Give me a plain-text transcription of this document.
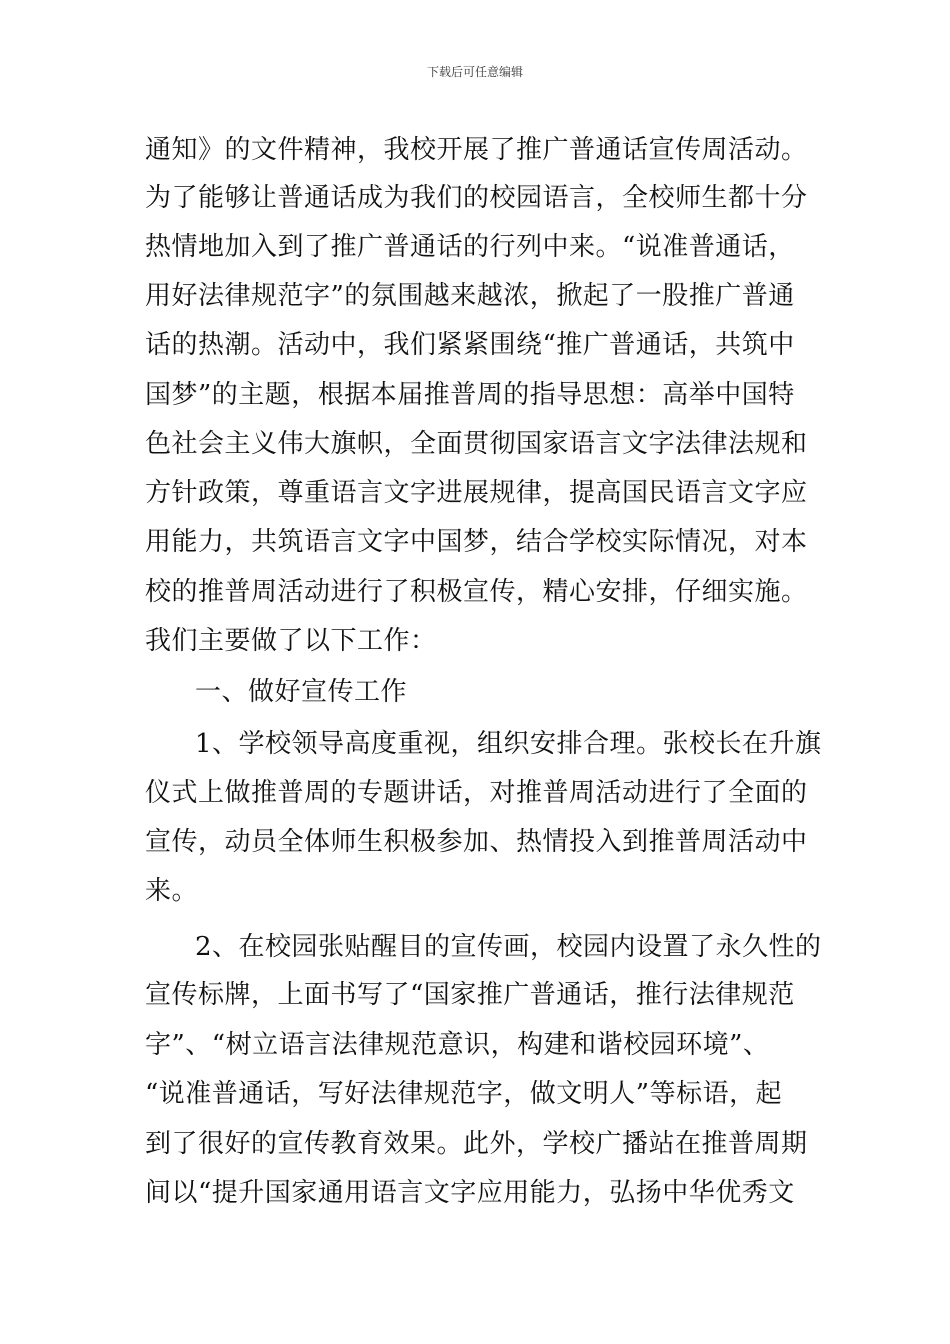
下载后可任意编辑
通知》的文件精神，我校开展了推广普通话宣传周活动。
为了能够让普通话成为我们的校园语言，全校师生都十分
热情地加入到了推广普通话的行列中来。“说准普通话，
用好法律规范字”的氛围越来越浓，掀起了一股推广普通
话的热潮。活动中，我们紧紧围绕“推广普通话，共筑中
国梦”的主题，根据本届推普周的指导思想：高举中国特
色社会主义伟大旗帜，全面贯彻国家语言文字法律法规和
方针政策，尊重语言文字进展规律，提高国民语言文字应
用能力，共筑语言文字中国梦，结合学校实际情况，对本
校的推普周活动进行了积极宣传，精心安排，仔细实施。
我们主要做了以下工作：
一、做好宣传工作
1、学校领导高度重视，组织安排合理。张校长在升旗
仪式上做推普周的专题讲话，对推普周活动进行了全面的
宣传，动员全体师生积极参加、热情投入到推普周活动中
来。
2、在校园张贴醒目的宣传画，校园内设置了永久性的
宣传标牌，上面书写了“国家推广普通话，推行法律规范
字”、“树立语言法律规范意识，构建和谐校园环境”、
“说准普通话，写好法律规范字，做文明人”等标语，起
到了很好的宣传教育效果。此外，学校广播站在推普周期
间以“提升国家通用语言文字应用能力，弘扬中华优秀文
